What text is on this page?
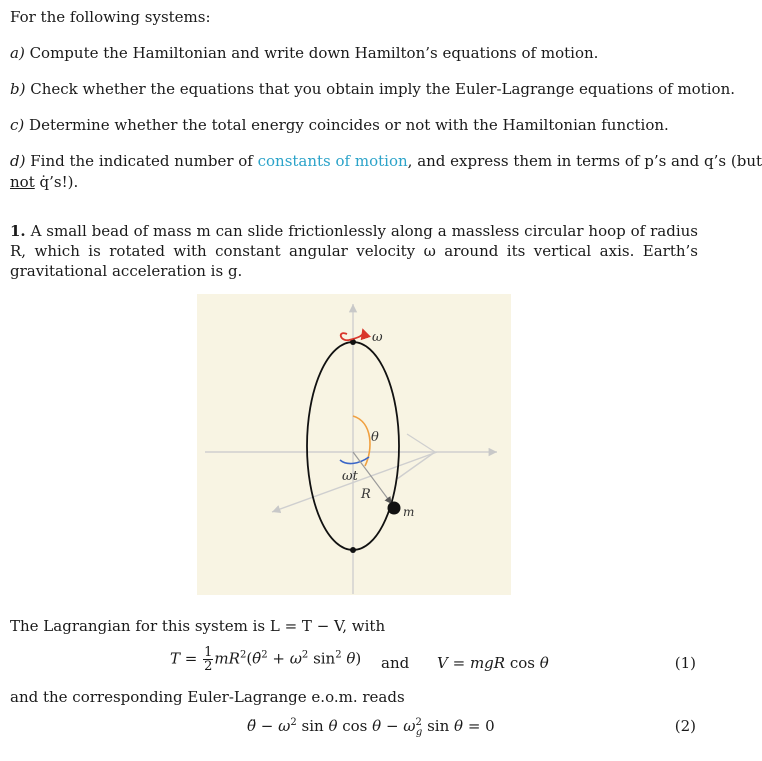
For the following systems:
a) Compute the Hamiltonian and write down Hamilton’s equations of motion.
b) Check whether the equations that you obtain imply the Euler-Lagrange equations of motion.
c) Determine whether the total energy coincides or not with the Hamiltonian function.
d) Find the indicated number of constants of motion, and express them in terms of p’s and q’s (but
not q̇’s!).
1. A small bead of mass m can slide frictionlessly along a massless circular hoop of radius R, which is rotated with constant angular velocity ω around its vertical axis. Earth’s gravitational acceleration is g.
ω
θ
ωt
R
m
The Lagrangian for this system is L = T − V, with
$T = \frac{1}{2}$ $mR^2(\thetȧ^2 + \omega^2$ $\sin^2 \theta$) and V = mgR cos θ	(1)
and the corresponding Euler-Lagrange e.o.m. reads
θ̈ − $\omega^2$ sin θ $\cos \theta - \omega^2_g$ sin θ = 0	(2)
